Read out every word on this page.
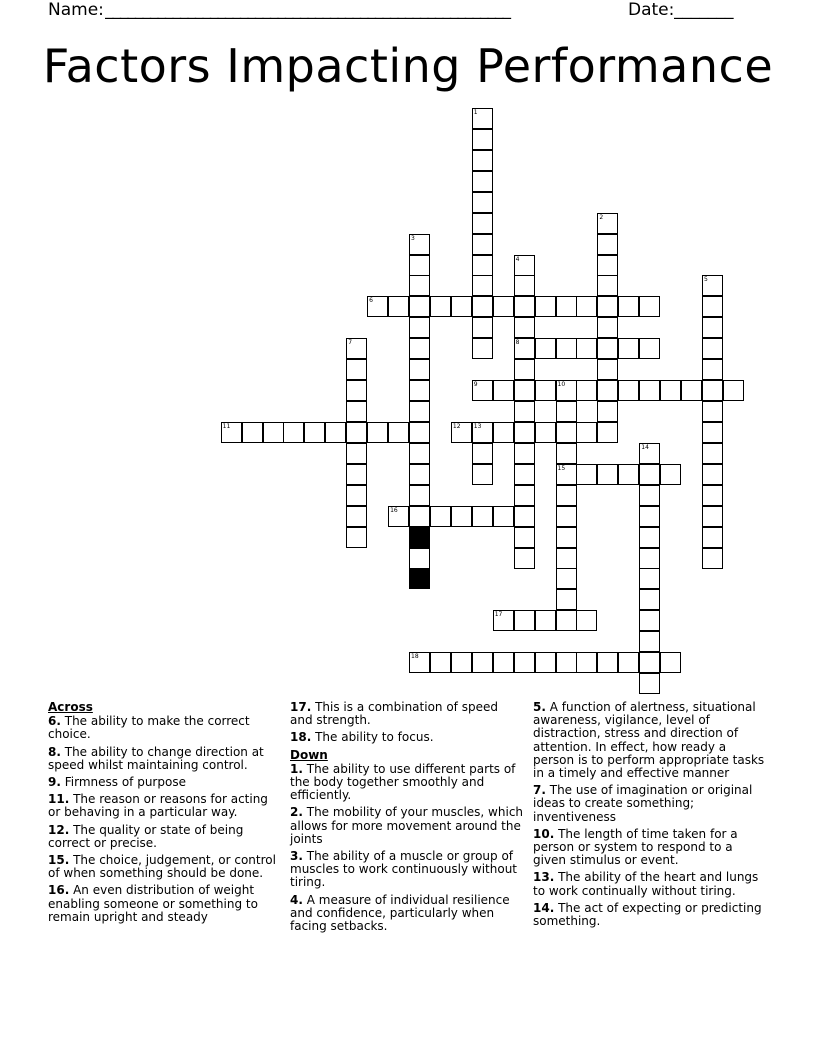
Name: ______________________________________________________	Date: _______
Factors Impacting Performance
1
2
3
4
5
6
7	8
9	10
11	12 13
14
15
16
17
18
Across
6. The ability to make the correct choice.
8. The ability to change direction at speed whilst maintaining control.
9. Firmness of purpose
11. The reason or reasons for acting or behaving in a particular way.
12. The quality or state of being correct or precise.
15. The choice, judgement, or control of when something should be done.
16. An even distribution of weight enabling someone or something to remain upright and steady
17. This is a combination of speed and strength.
18. The ability to focus.
Down
1. The ability to use different parts of the body together smoothly and efficiently.
2. The mobility of your muscles, which allows for more movement around the joints
3. The ability of a muscle or group of muscles to work continuously without tiring.
4. A measure of individual resilience and confidence, particularly when facing setbacks.
5. A function of alertness, situational awareness, vigilance, level of distraction, stress and direction of attention. In effect, how ready a person is to perform appropriate tasks in a timely and effective manner
7. The use of imagination or original ideas to create something; inventiveness
10. The length of time taken for a person or system to respond to a given stimulus or event.
13. The ability of the heart and lungs to work continually without tiring.
14. The act of expecting or predicting something.
